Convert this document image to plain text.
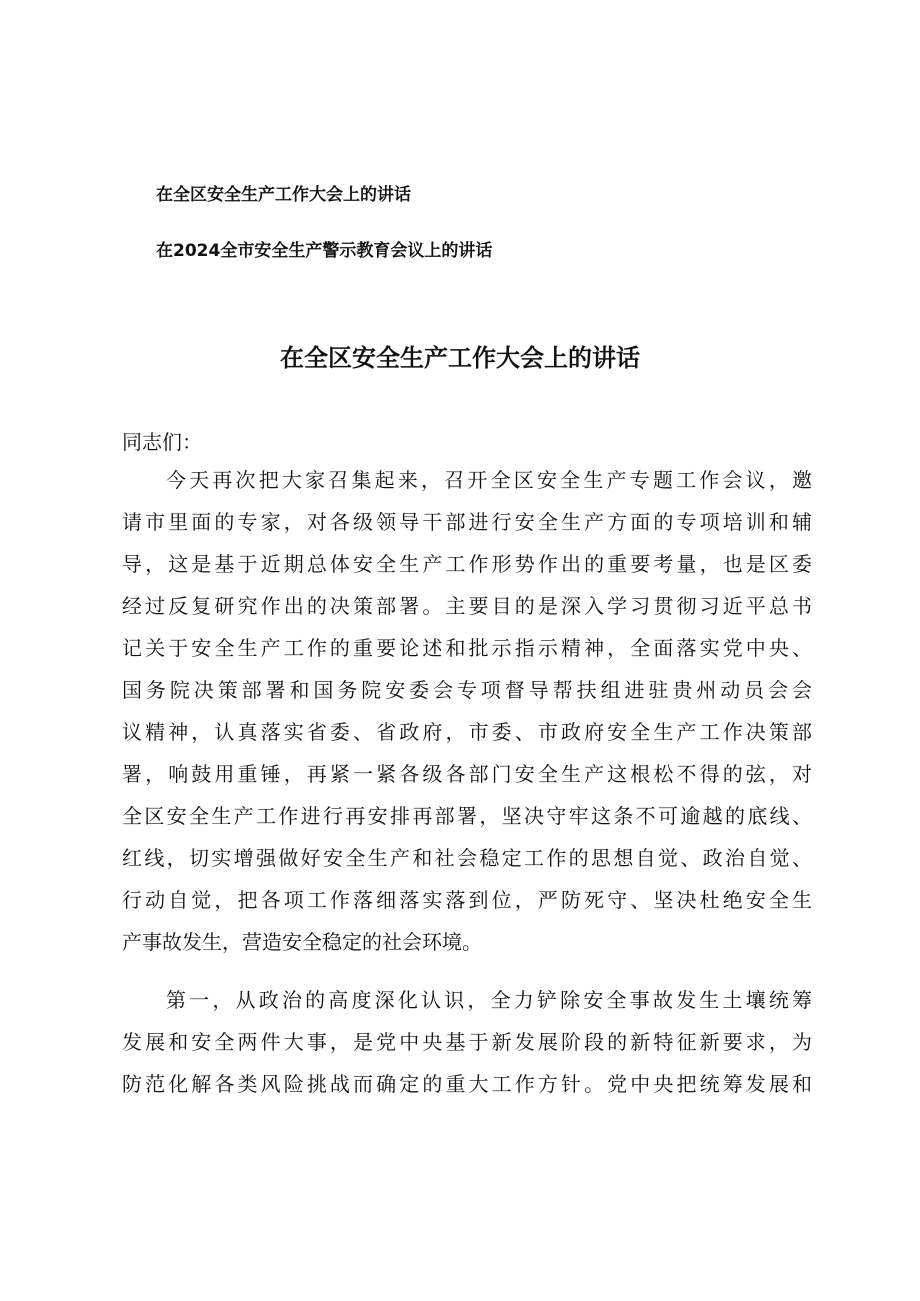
在全区安全生产工作大会上的讲话
在2024全市安全生产警示教育会议上的讲话
在全区安全生产工作大会上的讲话
同志们：
今天再次把大家召集起来，召开全区安全生产专题工作会议，邀
请市里面的专家，对各级领导干部进行安全生产方面的专项培训和辅
导，这是基于近期总体安全生产工作形势作出的重要考量，也是区委
经过反复研究作出的决策部署。主要目的是深入学习贯彻习近平总书
记关于安全生产工作的重要论述和批示指示精神，全面落实党中央、
国务院决策部署和国务院安委会专项督导帮扶组进驻贵州动员会会
议精神，认真落实省委、省政府，市委、市政府安全生产工作决策部
署，响鼓用重锤，再紧一紧各级各部门安全生产这根松不得的弦，对
全区安全生产工作进行再安排再部署，坚决守牢这条不可逾越的底线、
红线，切实增强做好安全生产和社会稳定工作的思想自觉、政治自觉、
行动自觉，把各项工作落细落实落到位，严防死守、坚决杜绝安全生
产事故发生，营造安全稳定的社会环境。
第一，从政治的高度深化认识，全力铲除安全事故发生土壤统筹
发展和安全两件大事，是党中央基于新发展阶段的新特征新要求，为
防范化解各类风险挑战而确定的重大工作方针。党中央把统筹发展和
